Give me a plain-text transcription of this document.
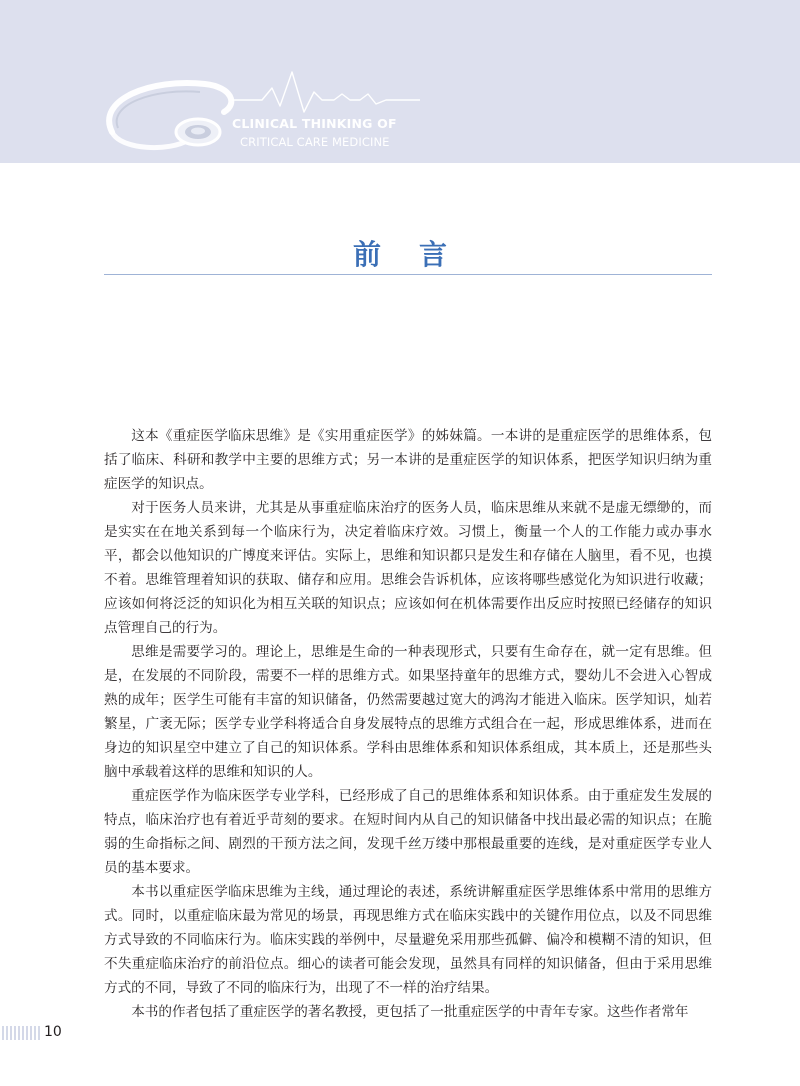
CLINICAL THINKING OF
CRITICAL CARE MEDICINE
前言

这本《重症医学临床思维》是《实用重症医学》的姊妹篇。一本讲的是重症医学的思维体系，包括了临床、科研和教学中主要的思维方式；另一本讲的是重症医学的知识体系，把医学知识归纳为重症医学的知识点。

对于医务人员来讲，尤其是从事重症临床治疗的医务人员，临床思维从来就不是虚无缥缈的，而是实实在在地关系到每一个临床行为，决定着临床疗效。习惯上，衡量一个人的工作能力或办事水平，都会以他知识的广博度来评估。实际上，思维和知识都只是发生和存储在人脑里，看不见，也摸不着。思维管理着知识的获取、储存和应用。思维会告诉机体，应该将哪些感觉化为知识进行收藏；应该如何将泛泛的知识化为相互关联的知识点；应该如何在机体需要作出反应时按照已经储存的知识点管理自己的行为。

思维是需要学习的。理论上，思维是生命的一种表现形式，只要有生命存在，就一定有思维。但是，在发展的不同阶段，需要不一样的思维方式。如果坚持童年的思维方式，婴幼儿不会进入心智成熟的成年；医学生可能有丰富的知识储备，仍然需要越过宽大的鸿沟才能进入临床。医学知识，灿若繁星，广袤无际；医学专业学科将适合自身发展特点的思维方式组合在一起，形成思维体系，进而在身边的知识星空中建立了自己的知识体系。学科由思维体系和知识体系组成，其本质上，还是那些头脑中承载着这样的思维和知识的人。

重症医学作为临床医学专业学科，已经形成了自己的思维体系和知识体系。由于重症发生发展的特点，临床治疗也有着近乎苛刻的要求。在短时间内从自己的知识储备中找出最必需的知识点；在脆弱的生命指标之间、剧烈的干预方法之间，发现千丝万缕中那根最重要的连线，是对重症医学专业人员的基本要求。

本书以重症医学临床思维为主线，通过理论的表述，系统讲解重症医学思维体系中常用的思维方式。同时，以重症临床最为常见的场景，再现思维方式在临床实践中的关键作用位点，以及不同思维方式导致的不同临床行为。临床实践的举例中，尽量避免采用那些孤僻、偏冷和模糊不清的知识，但不失重症临床治疗的前沿位点。细心的读者可能会发现，虽然具有同样的知识储备，但由于采用思维方式的不同，导致了不同的临床行为，出现了不一样的治疗结果。

本书的作者包括了重症医学的著名教授，更包括了一批重症医学的中青年专家。这些作者常年

10
